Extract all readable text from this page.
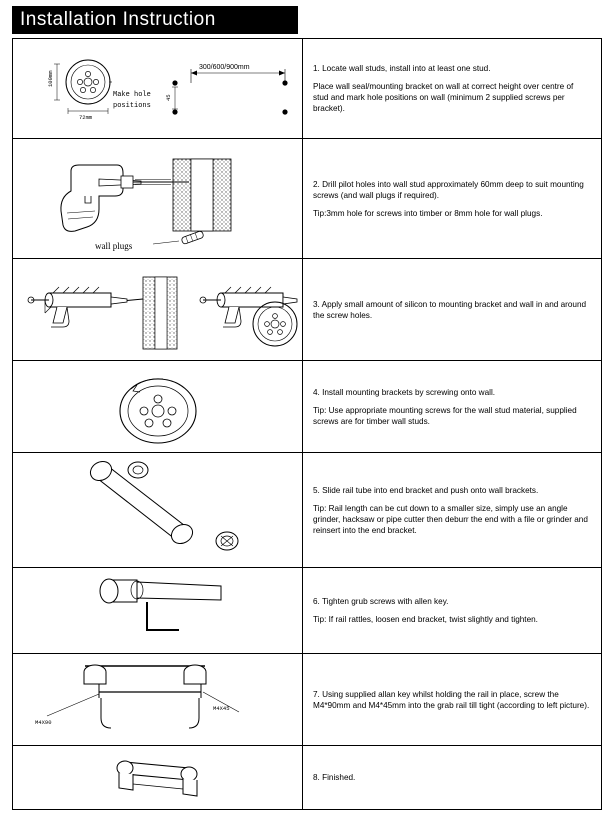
Installation Instruction
100mm
72mm
Make hole
positions
300/600/900mm
45

1. Locate wall studs, install into at least one stud.

Place wall seal/mounting bracket on wall at correct height over centre of stud and mark hole positions on wall (minimum 2 supplied screws per bracket).

wall plugs

2. Drill pilot holes into wall stud approximately 60mm deep to suit mounting screws (and wall plugs if required).

Tip:3mm hole for screws into timber or 8mm hole for wall plugs.

3. Apply small amount of silicon to mounting bracket and wall in and around the screw holes.

4. Install mounting brackets by screwing onto wall.

Tip: Use appropriate mounting screws for the wall stud material, supplied screws are for timber wall studs.

5. Slide rail tube into end bracket and push onto wall brackets.

Tip: Rail length can be cut down to a smaller size, simply use an angle grinder, hacksaw or pipe cutter then deburr the end with a file or grinder and reinsert into the end bracket.

6. Tighten grub screws with allen key.

Tip: If rail rattles, loosen end bracket, twist slightly and tighten.

M4X90
M4X45

7. Using supplied allan key whilst holding the rail in place, screw the M4*90mm and M4*45mm into the grab rail till tight (according to left picture).

8. Finished.
